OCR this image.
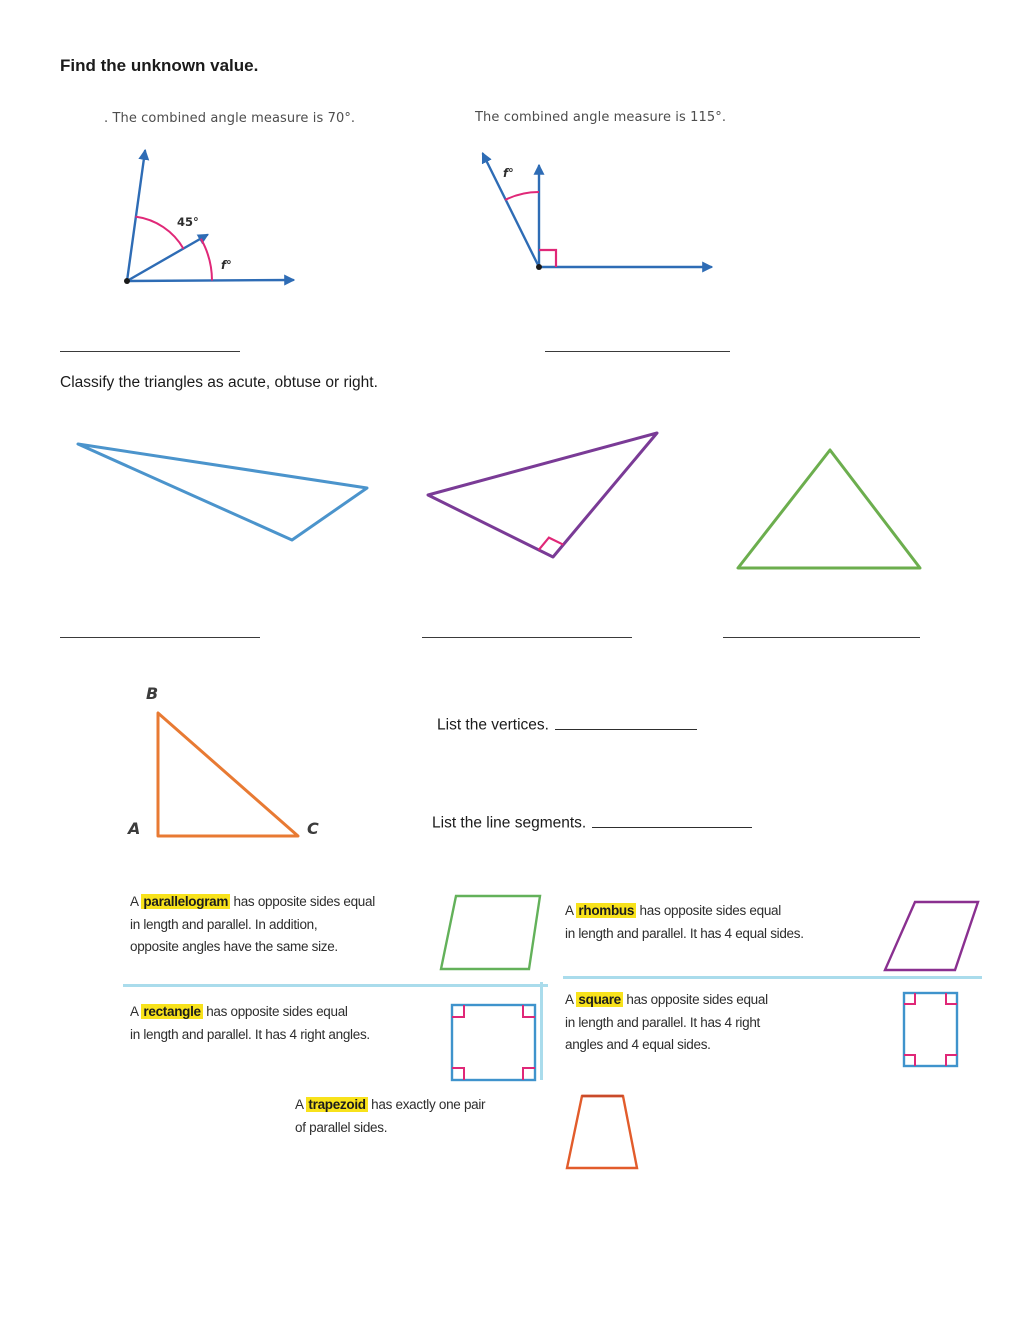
Find the unknown value.
. The combined angle measure is 70°.	The combined angle measure is 115°.
45°
f°
f°
Classify the triangles as acute, obtuse or right.
B
A	C
List the vertices.
List the line segments.
A parallelogram has opposite sides equal
in length and parallel. In addition,
opposite angles have the same size.
A rhombus has opposite sides equal
in length and parallel. It has 4 equal sides.
A rectangle has opposite sides equal
in length and parallel. It has 4 right angles.
A square has opposite sides equal
in length and parallel. It has 4 right
angles and 4 equal sides.
A trapezoid has exactly one pair
of parallel sides.
